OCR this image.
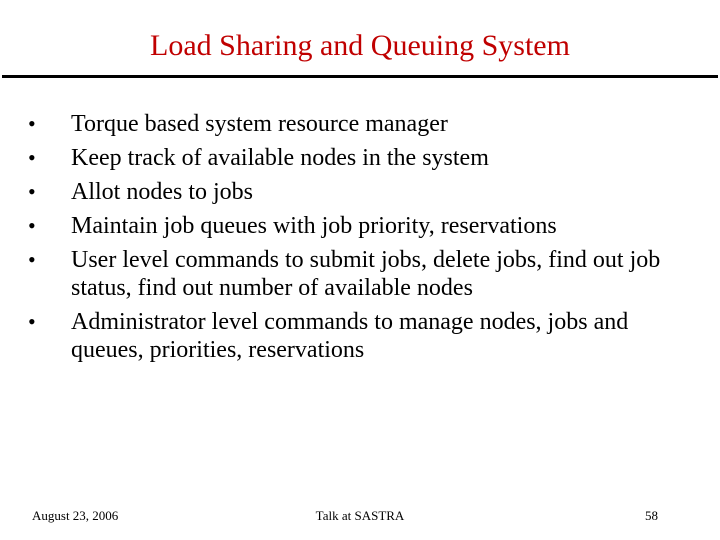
Load Sharing and Queuing System
•	Torque based system resource manager
•	Keep track of available nodes in the system
•	Allot nodes to jobs
•	Maintain job queues with job priority, reservations
•	User level commands to submit jobs, delete jobs, find out job status, find out number of available nodes
•	Administrator level commands to manage nodes, jobs and queues, priorities, reservations
August 23, 2006	Talk at SASTRA	58
